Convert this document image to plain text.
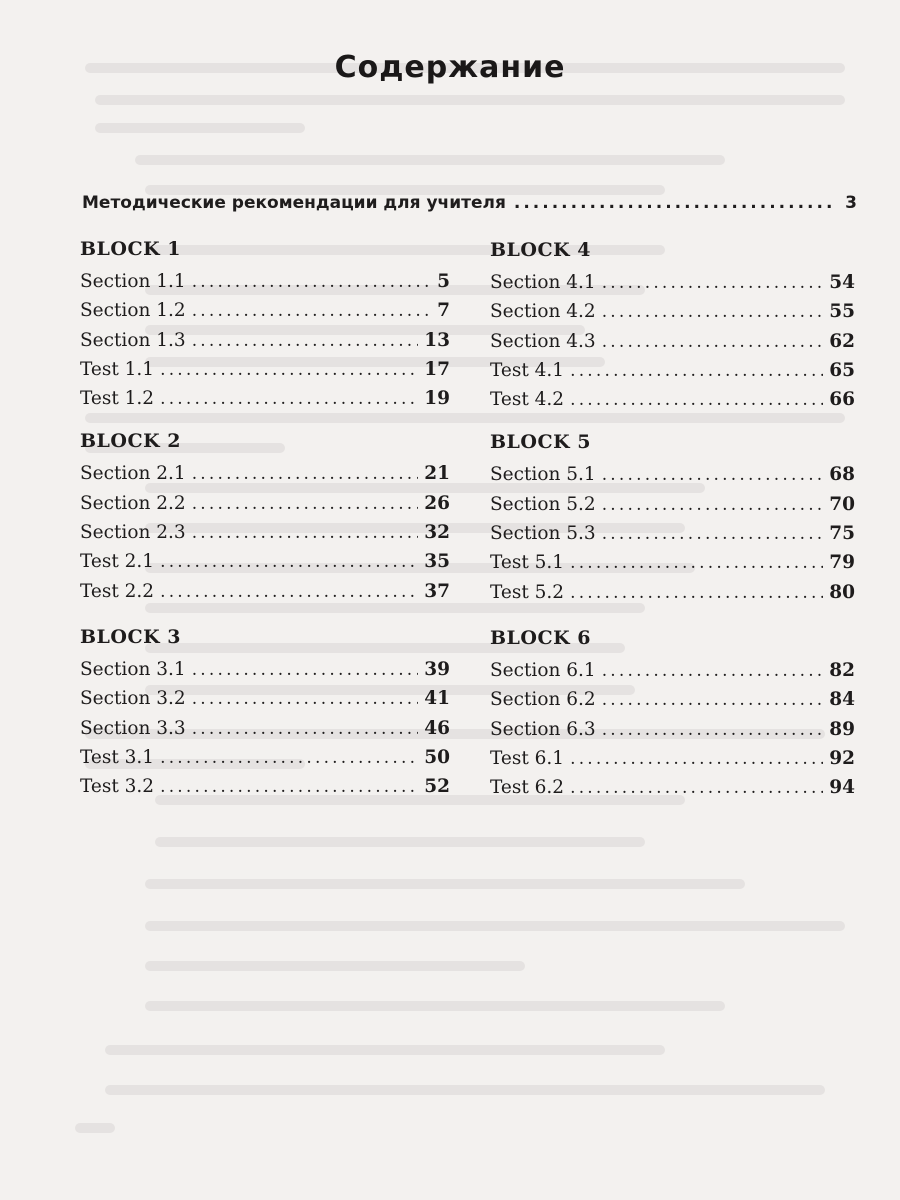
Содержание
Методические рекомендации для учителя .....	3
BLOCK 1
Section 1.1 .....	5
Section 1.2 .....	7
Section 1.3 .....	13
Test 1.1 .....	17
Test 1.2 .....	19
BLOCK 2
Section 2.1 .....	21
Section 2.2 .....	26
Section 2.3 .....	32
Test 2.1 .....	35
Test 2.2 .....	37
BLOCK 3
Section 3.1 .....	39
Section 3.2 .....	41
Section 3.3 .....	46
Test 3.1 .....	50
Test 3.2 .....	52
BLOCK 4
Section 4.1 .....	54
Section 4.2 .....	55
Section 4.3 .....	62
Test 4.1 .....	65
Test 4.2 .....	66
BLOCK 5
Section 5.1 .....	68
Section 5.2 .....	70
Section 5.3 .....	75
Test 5.1 .....	79
Test 5.2 .....	80
BLOCK 6
Section 6.1 .....	82
Section 6.2 .....	84
Section 6.3 .....	89
Test 6.1 .....	92
Test 6.2 .....	94
